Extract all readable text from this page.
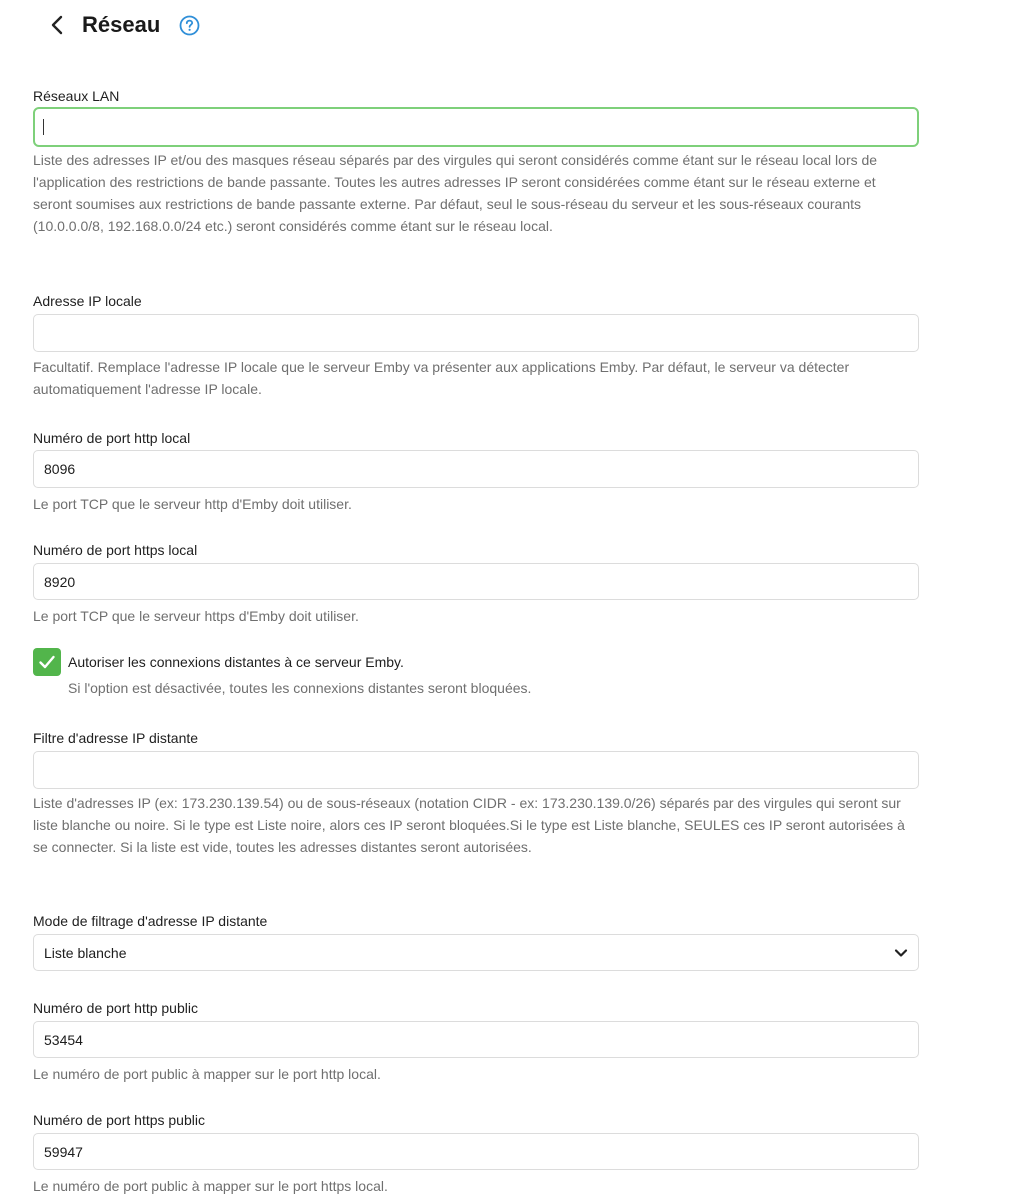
Réseau
Réseaux LAN

Liste des adresses IP et/ou des masques réseau séparés par des virgules qui seront considérés comme étant sur le réseau local lors de l'application des restrictions de bande passante. Toutes les autres adresses IP seront considérées comme étant sur le réseau externe et seront soumises aux restrictions de bande passante externe. Par défaut, seul le sous-réseau du serveur et les sous-réseaux courants (10.0.0.0/8, 192.168.0.0/24 etc.) seront considérés comme étant sur le réseau local.

Adresse IP locale

Facultatif. Remplace l'adresse IP locale que le serveur Emby va présenter aux applications Emby. Par défaut, le serveur va détecter automatiquement l'adresse IP locale.

Numéro de port http local
8096

Le port TCP que le serveur http d'Emby doit utiliser.

Numéro de port https local
8920

Le port TCP que le serveur https d'Emby doit utiliser.

Autoriser les connexions distantes à ce serveur Emby.
Si l'option est désactivée, toutes les connexions distantes seront bloquées.
Filtre d'adresse IP distante

Liste d'adresses IP (ex: 173.230.139.54) ou de sous-réseaux (notation CIDR - ex: 173.230.139.0/26) séparés par des virgules qui seront sur liste blanche ou noire. Si le type est Liste noire, alors ces IP seront bloquées.Si le type est Liste blanche, SEULES ces IP seront autorisées à se connecter. Si la liste est vide, toutes les adresses distantes seront autorisées.

Mode de filtrage d'adresse IP distante
Liste blanche
Numéro de port http public
53454

Le numéro de port public à mapper sur le port http local.

Numéro de port https public
59947

Le numéro de port public à mapper sur le port https local.
